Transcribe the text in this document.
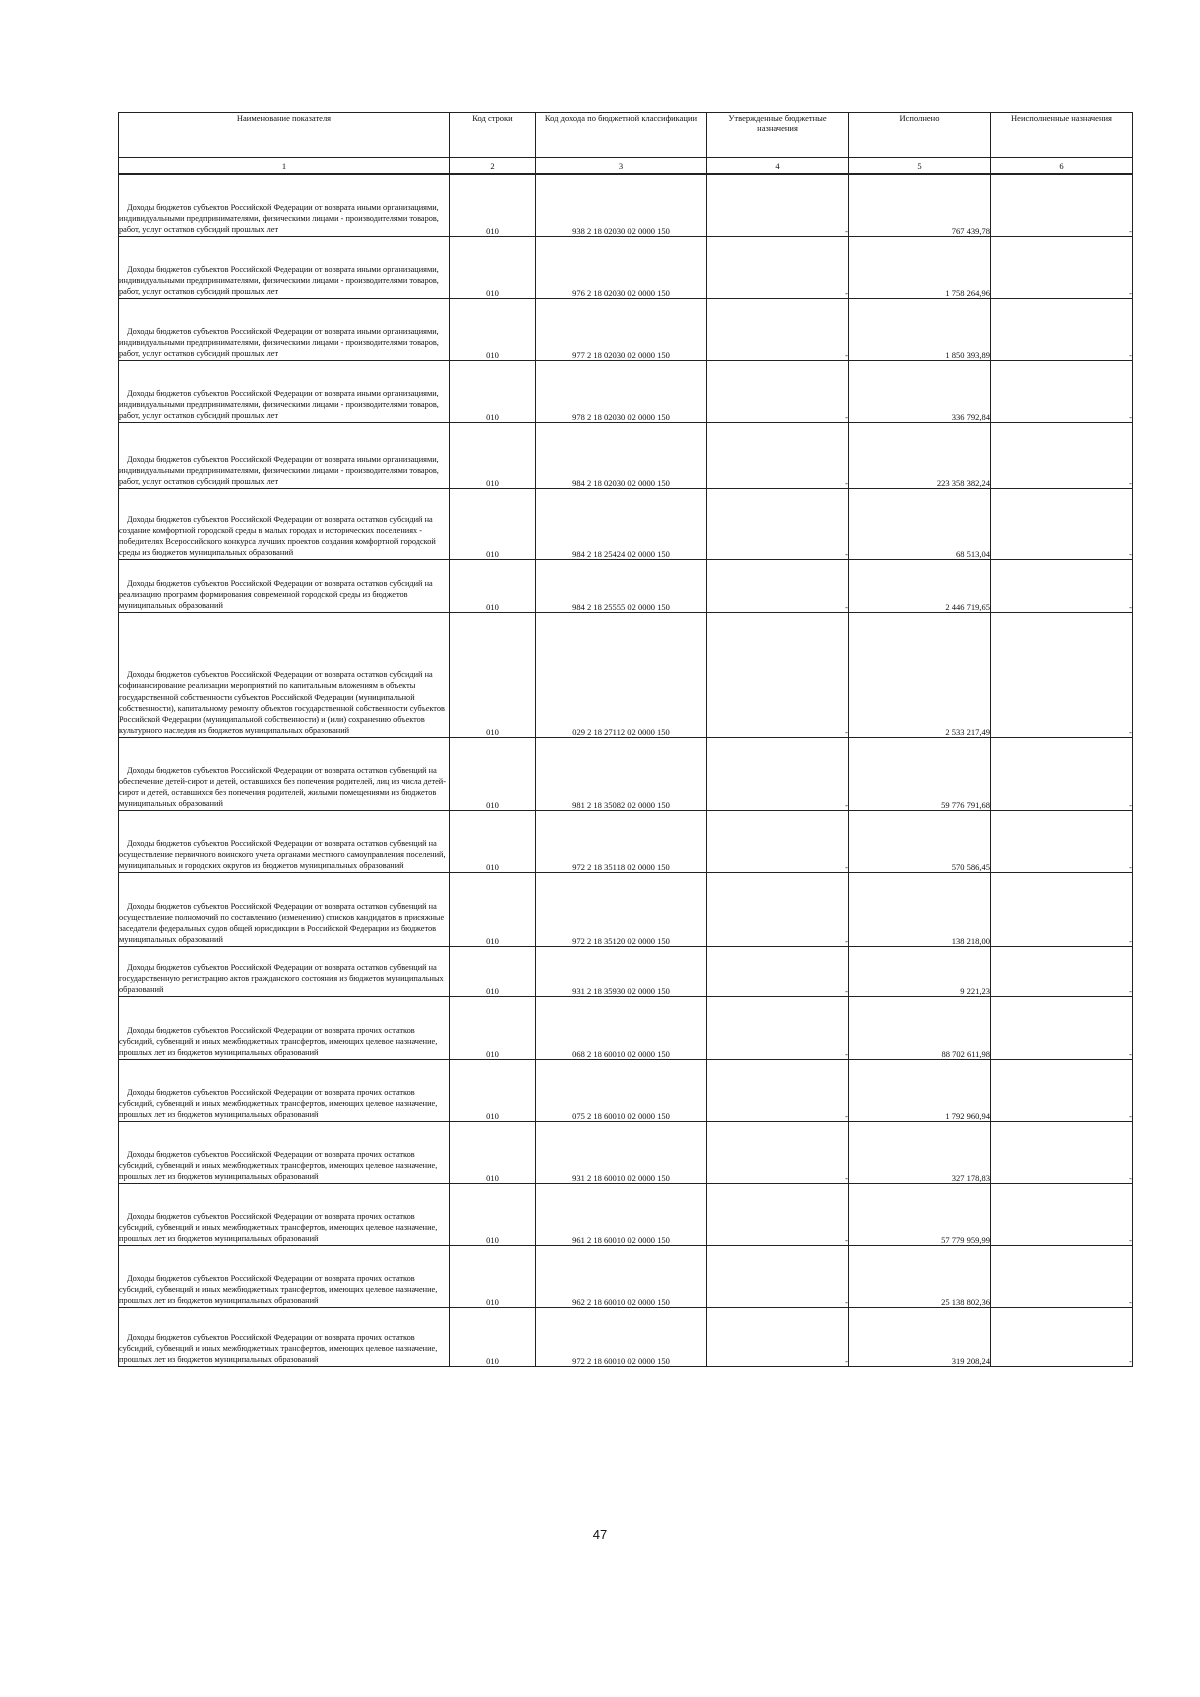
Наименование показателя	Код строки	Код дохода по бюджетной классификации	Утвержденные бюджетные назначения	Исполнено	Неисполненные назначения
1	2	3	4	5	6

Доходы бюджетов субъектов Российской Федерации от возврата иными организациями, индивидуальными предпринимателями, физическими лицами - производителями товаров, работ, услуг остатков субсидий прошлых лет	010	938 2 18 02030 02 0000 150	-	767 439,78	-

Доходы бюджетов субъектов Российской Федерации от возврата иными организациями, индивидуальными предпринимателями, физическими лицами - производителями товаров, работ, услуг остатков субсидий прошлых лет	010	976 2 18 02030 02 0000 150	-	1 758 264,96	-

Доходы бюджетов субъектов Российской Федерации от возврата иными организациями, индивидуальными предпринимателями, физическими лицами - производителями товаров, работ, услуг остатков субсидий прошлых лет	010	977 2 18 02030 02 0000 150	-	1 850 393,89	-

Доходы бюджетов субъектов Российской Федерации от возврата иными организациями, индивидуальными предпринимателями, физическими лицами - производителями товаров, работ, услуг остатков субсидий прошлых лет	010	978 2 18 02030 02 0000 150	-	336 792,84	-

Доходы бюджетов субъектов Российской Федерации от возврата иными организациями, индивидуальными предпринимателями, физическими лицами - производителями товаров, работ, услуг остатков субсидий прошлых лет	010	984 2 18 02030 02 0000 150	-	223 358 382,24	-

Доходы бюджетов субъектов Российской Федерации от возврата остатков субсидий на создание комфортной городской среды в малых городах и исторических поселениях - победителях Всероссийского конкурса лучших проектов создания комфортной городской среды из бюджетов муниципальных образований	010	984 2 18 25424 02 0000 150	-	68 513,04	-

Доходы бюджетов субъектов Российской Федерации от возврата остатков субсидий на реализацию программ формирования современной городской среды из бюджетов муниципальных образований	010	984 2 18 25555 02 0000 150	-	2 446 719,65	-

Доходы бюджетов субъектов Российской Федерации от возврата остатков субсидий на софинансирование реализации мероприятий по капитальным вложениям в объекты государственной собственности субъектов Российской Федерации (муниципальной собственности), капитальному ремонту объектов государственной собственности субъектов Российской Федерации (муниципальной собственности) и (или) сохранению объектов культурного наследия из бюджетов муниципальных образований	010	029 2 18 27112 02 0000 150	-	2 533 217,49	-

Доходы бюджетов субъектов Российской Федерации от возврата остатков субвенций на обеспечение детей-сирот и детей, оставшихся без попечения родителей, лиц из числа детей-сирот и детей, оставшихся без попечения родителей, жилыми помещениями из бюджетов муниципальных образований	010	981 2 18 35082 02 0000 150	-	59 776 791,68	-

Доходы бюджетов субъектов Российской Федерации от возврата остатков субвенций на осуществление первичного воинского учета органами местного самоуправления поселений, муниципальных и городских округов из бюджетов муниципальных образований	010	972 2 18 35118 02 0000 150	-	570 586,45	-

Доходы бюджетов субъектов Российской Федерации от возврата остатков субвенций на осуществление полномочий по составлению (изменению) списков кандидатов в присяжные заседатели федеральных судов общей юрисдикции в Российской Федерации из бюджетов муниципальных образований	010	972 2 18 35120 02 0000 150	-	138 218,00	-

Доходы бюджетов субъектов Российской Федерации от возврата остатков субвенций на государственную регистрацию актов гражданского состояния из бюджетов муниципальных образований	010	931 2 18 35930 02 0000 150	-	9 221,23	-

Доходы бюджетов субъектов Российской Федерации от возврата прочих остатков субсидий, субвенций и иных межбюджетных трансфертов, имеющих целевое назначение, прошлых лет из бюджетов муниципальных образований	010	068 2 18 60010 02 0000 150	-	88 702 611,98	-

Доходы бюджетов субъектов Российской Федерации от возврата прочих остатков субсидий, субвенций и иных межбюджетных трансфертов, имеющих целевое назначение, прошлых лет из бюджетов муниципальных образований	010	075 2 18 60010 02 0000 150	-	1 792 960,94	-

Доходы бюджетов субъектов Российской Федерации от возврата прочих остатков субсидий, субвенций и иных межбюджетных трансфертов, имеющих целевое назначение, прошлых лет из бюджетов муниципальных образований	010	931 2 18 60010 02 0000 150	-	327 178,83	-

Доходы бюджетов субъектов Российской Федерации от возврата прочих остатков субсидий, субвенций и иных межбюджетных трансфертов, имеющих целевое назначение, прошлых лет из бюджетов муниципальных образований	010	961 2 18 60010 02 0000 150	-	57 779 959,99	-

Доходы бюджетов субъектов Российской Федерации от возврата прочих остатков субсидий, субвенций и иных межбюджетных трансфертов, имеющих целевое назначение, прошлых лет из бюджетов муниципальных образований	010	962 2 18 60010 02 0000 150	-	25 138 802,36	-

Доходы бюджетов субъектов Российской Федерации от возврата прочих остатков субсидий, субвенций и иных межбюджетных трансфертов, имеющих целевое назначение, прошлых лет из бюджетов муниципальных образований	010	972 2 18 60010 02 0000 150	-	319 208,24	-
47
